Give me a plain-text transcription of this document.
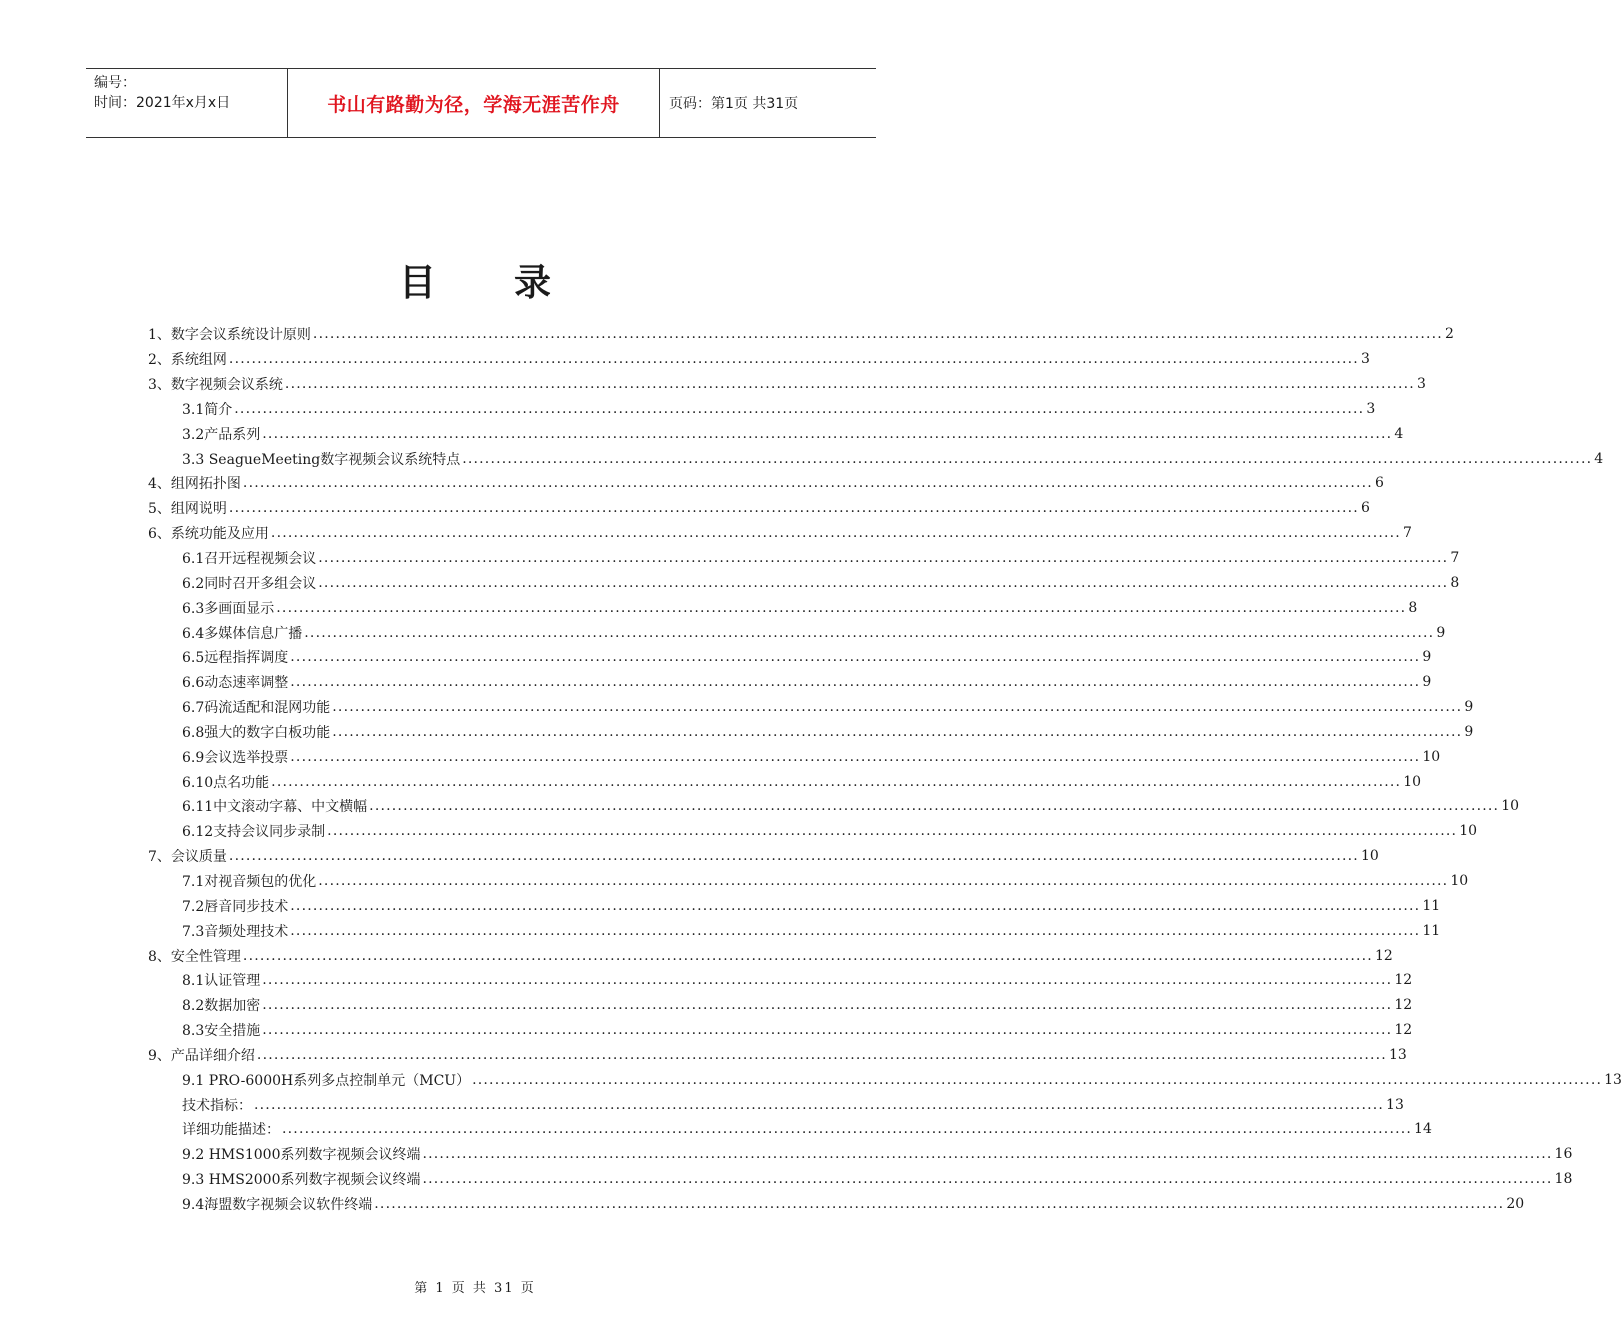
编号：
时间：2021年x月x日	书山有路勤为径，学海无涯苦作舟	页码：第1页 共31页
目录
1、数字会议系统设计原则 ........................................................................................................................................................................................................ 2
2、系统组网 ........................................................................................................................................................................................................ 3
3、数字视频会议系统 ........................................................................................................................................................................................................ 3
3.1简介 ........................................................................................................................................................................................................ 3
3.2产品系列 ........................................................................................................................................................................................................ 4
3.3 SeagueMeeting数字视频会议系统特点 ........................................................................................................................................................................................................ 4
4、组网拓扑图 ........................................................................................................................................................................................................ 6
5、组网说明 ........................................................................................................................................................................................................ 6
6、系统功能及应用 ........................................................................................................................................................................................................ 7
6.1召开远程视频会议 ........................................................................................................................................................................................................ 7
6.2同时召开多组会议 ........................................................................................................................................................................................................ 8
6.3多画面显示 ........................................................................................................................................................................................................ 8
6.4多媒体信息广播 ........................................................................................................................................................................................................ 9
6.5远程指挥调度 ........................................................................................................................................................................................................ 9
6.6动态速率调整 ........................................................................................................................................................................................................ 9
6.7码流适配和混网功能 ........................................................................................................................................................................................................ 9
6.8强大的数字白板功能 ........................................................................................................................................................................................................ 9
6.9会议选举投票 ........................................................................................................................................................................................................ 10
6.10点名功能 ........................................................................................................................................................................................................ 10
6.11中文滚动字幕、中文横幅 ........................................................................................................................................................................................................ 10
6.12支持会议同步录制 ........................................................................................................................................................................................................ 10
7、会议质量 ........................................................................................................................................................................................................ 10
7.1对视音频包的优化 ........................................................................................................................................................................................................ 10
7.2唇音同步技术 ........................................................................................................................................................................................................ 11
7.3音频处理技术 ........................................................................................................................................................................................................ 11
8、安全性管理 ........................................................................................................................................................................................................ 12
8.1认证管理 ........................................................................................................................................................................................................ 12
8.2数据加密 ........................................................................................................................................................................................................ 12
8.3安全措施 ........................................................................................................................................................................................................ 12
9、产品详细介绍 ........................................................................................................................................................................................................ 13
9.1 PRO-6000H系列多点控制单元（MCU） ........................................................................................................................................................................................................ 13
技术指标： ........................................................................................................................................................................................................ 13
详细功能描述： ........................................................................................................................................................................................................ 14
9.2 HMS1000系列数字视频会议终端 ........................................................................................................................................................................................................ 16
9.3 HMS2000系列数字视频会议终端 ........................................................................................................................................................................................................ 18
9.4海盟数字视频会议软件终端 ........................................................................................................................................................................................................ 20
第 1 页 共 31 页
